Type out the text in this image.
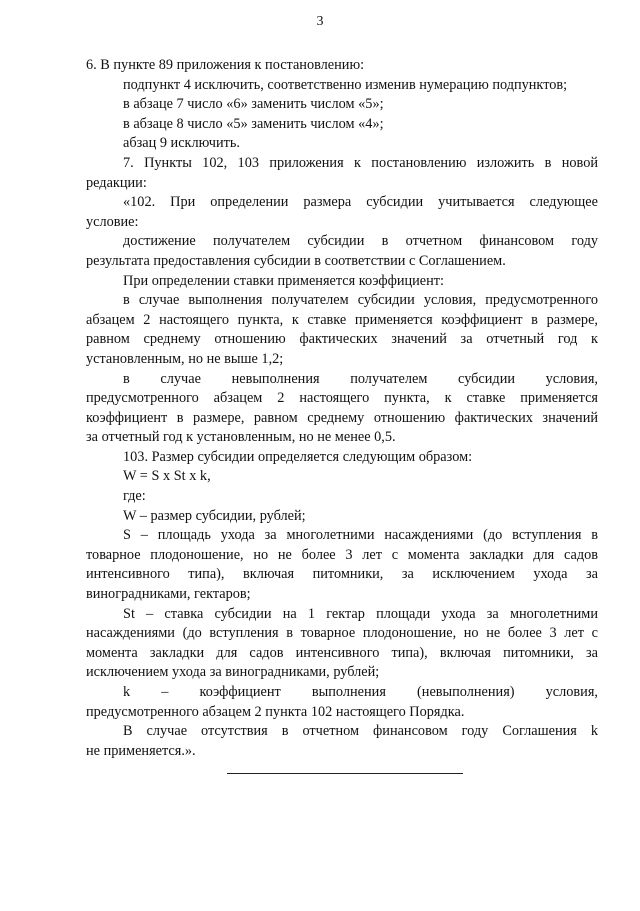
3
6. В пункте 89 приложения к постановлению:
подпункт 4 исключить, соответственно изменив нумерацию подпунктов;
в абзаце 7 число «6» заменить числом «5»;
в абзаце 8 число «5» заменить числом «4»;
абзац 9 исключить.
7. Пункты 102, 103 приложения к постановлению изложить в новой
редакции:
«102. При определении размера субсидии учитывается следующее
условие:
достижение получателем субсидии в отчетном финансовом году
результата предоставления субсидии в соответствии с Соглашением.
При определении ставки применяется коэффициент:
в случае выполнения получателем субсидии условия, предусмотренного
абзацем 2 настоящего пункта, к ставке применяется коэффициент в размере,
равном среднему отношению фактических значений за отчетный год к
установленным, но не выше 1,2;
в случае невыполнения получателем субсидии условия,
предусмотренного абзацем 2 настоящего пункта, к ставке применяется
коэффициент в размере, равном среднему отношению фактических значений
за отчетный год к установленным, но не менее 0,5.
103. Размер субсидии определяется следующим образом:
W = S x St x k,
где:
W – размер субсидии, рублей;
S – площадь ухода за многолетними насаждениями (до вступления в
товарное плодоношение, но не более 3 лет с момента закладки для садов
интенсивного типа), включая питомники, за исключением ухода за
виноградниками, гектаров;
St – ставка субсидии на 1 гектар площади ухода за многолетними
насаждениями (до вступления в товарное плодоношение, но не более 3 лет с
момента закладки для садов интенсивного типа), включая питомники, за
исключением ухода за виноградниками, рублей;
k – коэффициент выполнения (невыполнения) условия,
предусмотренного абзацем 2 пункта 102 настоящего Порядка.
В случае отсутствия в отчетном финансовом году Соглашения k
не применяется.».
